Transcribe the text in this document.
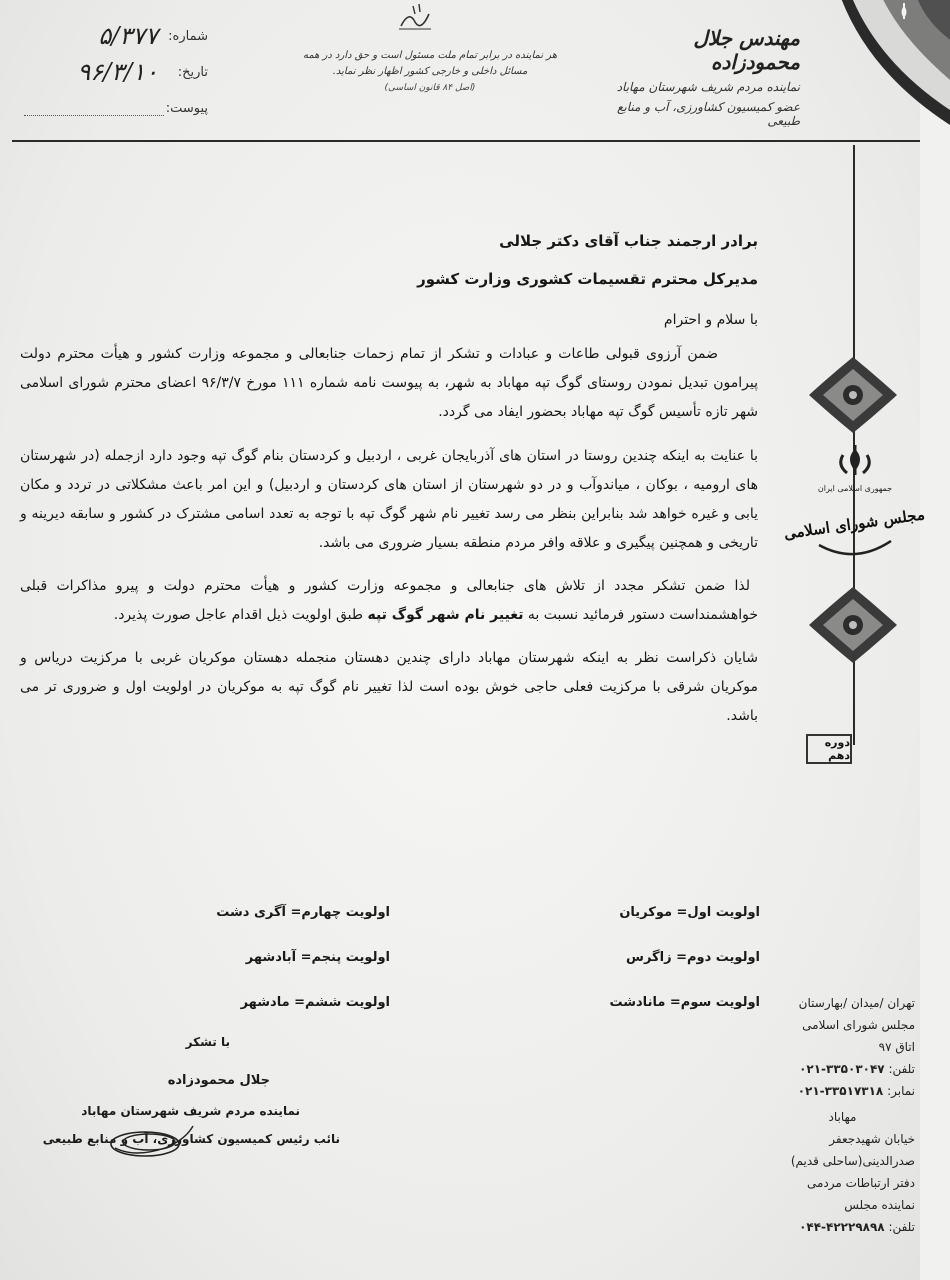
شماره:
۵/۳۷۷
تاریخ:
۹۶/۳/۱۰
پیوست:
هر نماینده در برابر تمام ملت مسئول است و حق دارد در همه
مسائل داخلی و خارجی کشور اظهار نظر نماید.
(اصل ۸۴ قانون اساسی)
مهندس جلال محمودزاده
نماینده مردم شریف شهرستان مهاباد
عضو کمیسیون کشاورزی، آب و منابع طبیعی
جمهوری اسلامی ایران
مجلس شورای اسلامی
دوره دهم
تهران /میدان /بهارستان
مجلس شورای اسلامی
اتاق ۹۷
تلفن: ۰۲۱-۳۳۵۰۳۰۴۷
نمابر: ۰۲۱-۳۳۵۱۷۳۱۸
مهاباد
خیابان شهیدجعفر
صدرالدینی(ساحلی قدیم)
دفتر ارتباطات مردمی
نماینده مجلس
تلفن: ۰۴۴-۴۲۲۲۹۸۹۸
برادر ارجمند جناب آقای دکتر جلالی
مدیرکل محترم تقسیمات کشوری وزارت کشور
با سلام و احترام

ضمن آرزوی قبولی طاعات و عبادات و تشکر از تمام زحمات جنابعالی و مجموعه وزارت کشور و هیأت محترم دولت پیرامون تبدیل نمودن روستای گوگ تپه مهاباد به شهر، به پیوست نامه شماره ۱۱۱ مورخ ۹۶/۳/۷ اعضای محترم شورای اسلامی شهر تازه تأسیس گوگ تپه مهاباد بحضور ایفاد می گردد.

با عنایت به اینکه چندین روستا در استان های آذربایجان غربی ، اردبیل و کردستان بنام گوگ تپه وجود دارد ازجمله (در شهرستان های ارومیه ، بوکان ، میاندوآب و در دو شهرستان از استان های کردستان و اردبیل) و این امر باعث مشکلاتی در تردد و مکان یابی و غیره خواهد شد بنابراین بنظر می رسد تغییر نام شهر گوگ تپه با توجه به تعدد اسامی مشترک در کشور و سابقه دیرینه و تاریخی و همچنین پیگیری و علاقه وافر مردم منطقه بسیار ضروری می باشد.

لذا ضمن تشکر مجدد از تلاش های جنابعالی و مجموعه وزارت کشور و هیأت محترم دولت و پیرو مذاکرات قبلی خواهشمنداست دستور فرمائید نسبت به تغییر نام شهر گوگ تپه طبق اولویت ذیل اقدام عاجل صورت پذیرد.

شایان ذکراست نظر به اینکه شهرستان مهاباد دارای چندین دهستان منجمله دهستان موکریان غربی با مرکزیت دریاس و موکریان شرقی با مرکزیت فعلی حاجی خوش بوده است لذا تغییر نام گوگ تپه به موکریان در اولویت اول و ضروری تر می باشد.

اولویت اول= موکریان
اولویت دوم= زاگرس
اولویت سوم= مانادشت
اولویت چهارم= آگری دشت
اولویت پنجم= آبادشهر
اولویت ششم= مادشهر
با تشکر
جلال محمودزاده
نماینده مردم شریف شهرستان مهاباد
نائب رئیس کمیسیون کشاورزی، آب و منابع طبیعی
